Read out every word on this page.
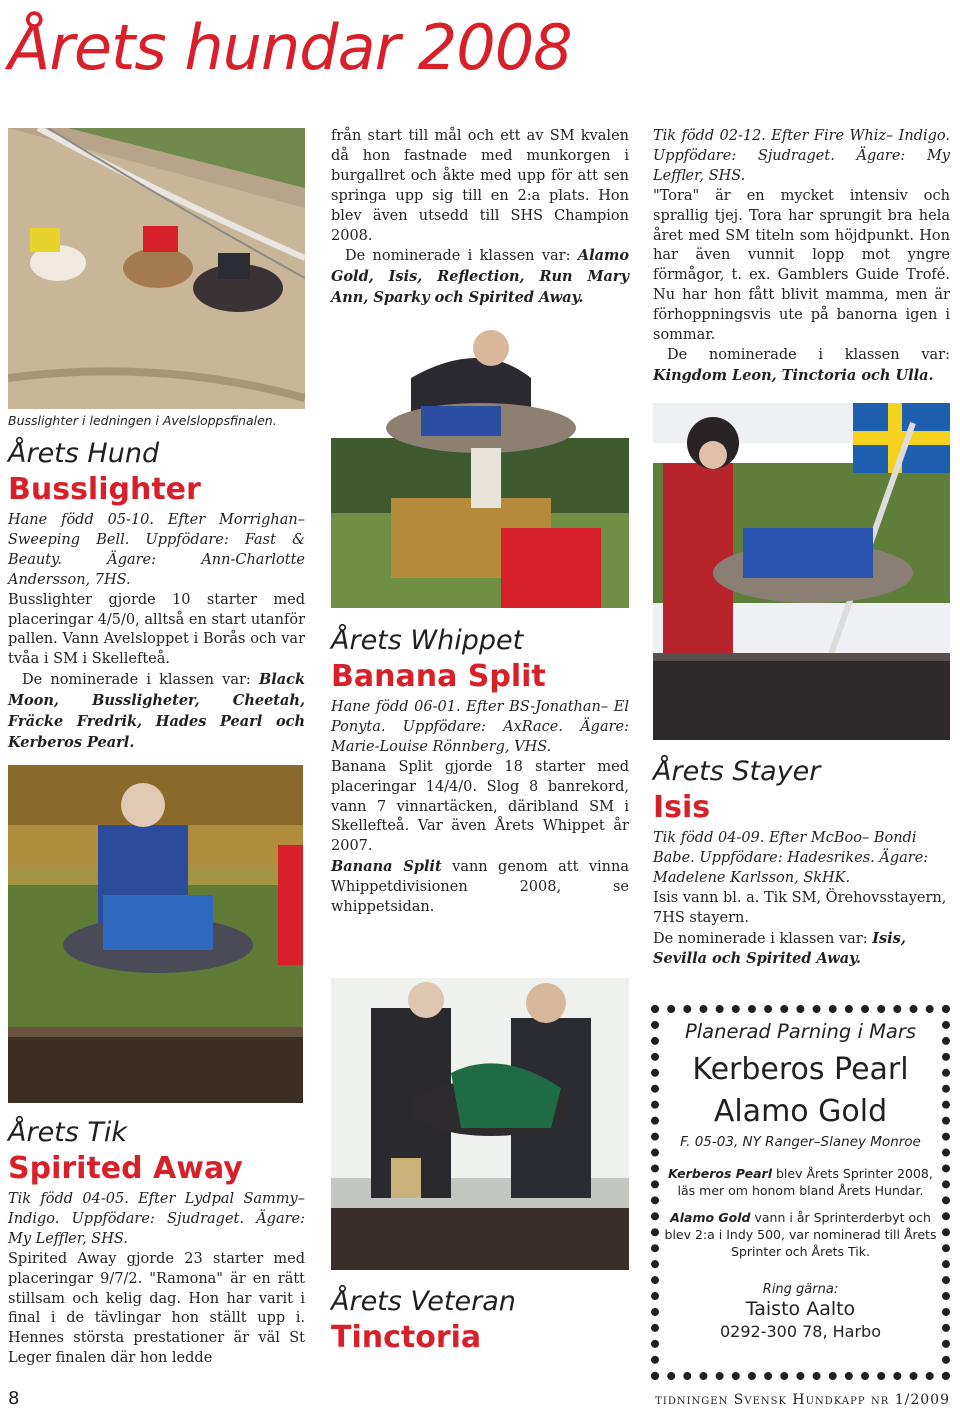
Årets hundar 2008
Busslighter i ledningen i Avelsloppsfinalen.
Årets Hund
Busslighter

Hane född 05-10. Efter Morrighan– Sweeping Bell. Uppfödare: Fast & Beauty. Ägare: Ann-Charlotte Andersson, 7HS.

Busslighter gjorde 10 starter med placeringar 4/5/0, alltså en start utanför pallen. Vann Avelsloppet i Borås och var tvåa i SM i Skellefteå.

De nominerade i klassen var: Black Moon, Bussligheter, Cheetah, Fräcke Fredrik, Hades Pearl och Kerberos Pearl.

Årets Tik
Spirited Away

Tik född 04-05. Efter Lydpal Sammy– Indigo. Uppfödare: Sjudraget. Ägare: My Leffler, SHS.

Spirited Away gjorde 23 starter med placeringar 9/7/2. "Ramona" är en rätt stillsam och kelig dag. Hon har varit i final i de tävlingar hon ställt upp i. Hennes största prestationer är väl St Leger finalen där hon ledde

från start till mål och ett av SM kvalen då hon fastnade med munkorgen i burgallret och åkte med upp för att sen springa upp sig till en 2:a plats. Hon blev även utsedd till SHS Champion 2008.

De nominerade i klassen var: Alamo Gold, Isis, Reflection, Run Mary Ann, Sparky och Spirited Away.

Årets Whippet
Banana Split

Hane född 06-01. Efter BS-Jonathan– El Ponyta. Uppfödare: AxRace. Ägare: Marie-Louise Rönnberg, VHS.

Banana Split gjorde 18 starter med placeringar 14/4/0. Slog 8 banrekord, vann 7 vinnartäcken, däribland SM i Skellefteå. Var även Årets Whippet år 2007.

Banana Split vann genom att vinna Whippetdivisionen 2008, se whippetsidan.

Årets Veteran
Tinctoria

Tik född 02-12. Efter Fire Whiz– Indigo. Uppfödare: Sjudraget. Ägare: My Leffler, SHS.

"Tora" är en mycket intensiv och sprallig tjej. Tora har sprungit bra hela året med SM titeln som höjdpunkt. Hon har även vunnit lopp mot yngre förmågor, t. ex. Gamblers Guide Trofé. Nu har hon fått blivit mamma, men är förhoppningsvis ute på banorna igen i sommar.

De nominerade i klassen var: Kingdom Leon, Tinctoria och Ulla.

Årets Stayer
Isis

Tik född 04-09. Efter McBoo– Bondi Babe. Uppfödare: Hadesrikes. Ägare: Madelene Karlsson, SkHK.

Isis vann bl. a. Tik SM, Örehovsstayern, 7HS stayern.

De nominerade i klassen var: Isis, Sevilla och Spirited Away.

Planerad Parning i Mars
Kerberos Pearl
Alamo Gold
F. 05-03, NY Ranger–Slaney Monroe
Kerberos Pearl blev Årets Sprinter 2008, läs mer om honom bland Årets Hundar.
Alamo Gold vann i år Sprinterderbyt och blev 2:a i Indy 500, var nominerad till Årets Sprinter och Årets Tik.
Ring gärna:
Taisto Aalto
0292-300 78, Harbo
8	tidningen Svensk Hundkapp nr 1/2009
